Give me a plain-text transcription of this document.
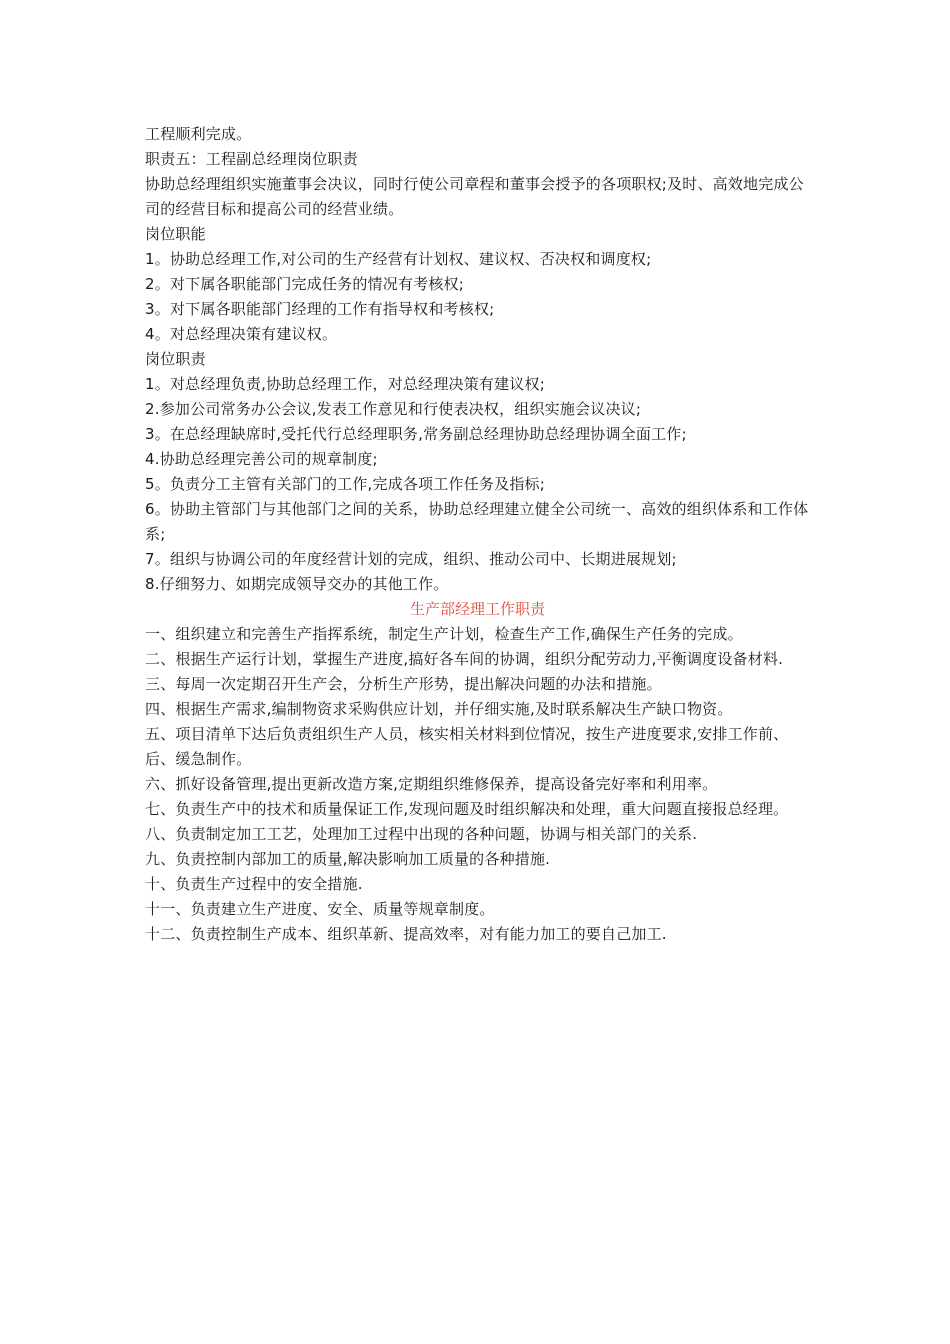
工程顺利完成。
职责五：工程副总经理岗位职责
协助总经理组织实施董事会决议，同时行使公司章程和董事会授予的各项职权;及时、高效地完成公司的经营目标和提高公司的经营业绩。
岗位职能
1。协助总经理工作,对公司的生产经营有计划权、建议权、否决权和调度权;
2。对下属各职能部门完成任务的情况有考核权;
3。对下属各职能部门经理的工作有指导权和考核权;
4。对总经理决策有建议权。
岗位职责
1。对总经理负责,协助总经理工作，对总经理决策有建议权;
2.参加公司常务办公会议,发表工作意见和行使表决权，组织实施会议决议;
3。在总经理缺席时,受托代行总经理职务,常务副总经理协助总经理协调全面工作;
4.协助总经理完善公司的规章制度;
5。负责分工主管有关部门的工作,完成各项工作任务及指标;
6。协助主管部门与其他部门之间的关系，协助总经理建立健全公司统一、高效的组织体系和工作体系;
7。组织与协调公司的年度经营计划的完成，组织、推动公司中、长期进展规划;
8.仔细努力、如期完成领导交办的其他工作。
生产部经理工作职责
一、组织建立和完善生产指挥系统，制定生产计划，检查生产工作,确保生产任务的完成。
二、根据生产运行计划，掌握生产进度,搞好各车间的协调，组织分配劳动力,平衡调度设备材料.
三、每周一次定期召开生产会，分析生产形势，提出解决问题的办法和措施。
四、根据生产需求,编制物资求采购供应计划，并仔细实施,及时联系解决生产缺口物资。
五、项目清单下达后负责组织生产人员，核实相关材料到位情况，按生产进度要求,安排工作前、后、缓急制作。
六、抓好设备管理,提出更新改造方案,定期组织维修保养，提高设备完好率和利用率。
七、负责生产中的技术和质量保证工作,发现问题及时组织解决和处理，重大问题直接报总经理。
八、负责制定加工工艺，处理加工过程中出现的各种问题，协调与相关部门的关系.
九、负责控制内部加工的质量,解决影响加工质量的各种措施.
十、负责生产过程中的安全措施.
十一、负责建立生产进度、安全、质量等规章制度。
十二、负责控制生产成本、组织革新、提高效率，对有能力加工的要自己加工.
